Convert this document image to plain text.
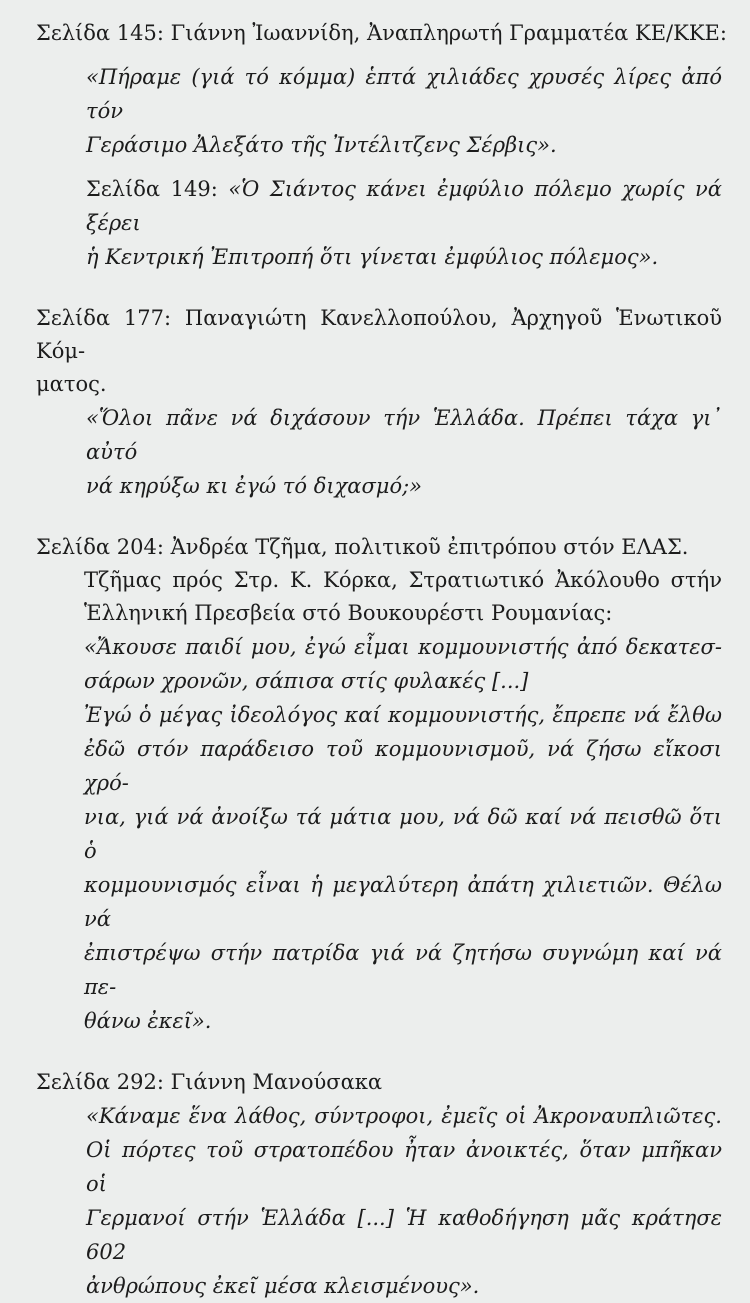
Σελίδα 145: Γιάννη Ἰωαννίδη, Ἀναπληρωτή Γραμματέα ΚΕ/ΚΚΕ:

«Πήραμε (γιά τό κόμμα) ἑπτά χιλιάδες χρυσές λίρες ἀπό τόν
Γεράσιμο Ἀλεξάτο τῆς Ἰντέλιτζενς Σέρβις».

Σελίδα 149: «Ὁ Σιάντος κάνει ἐμφύλιο πόλεμο χωρίς νά ξέρει
ἡ Κεντρική Ἐπιτροπή ὅτι γίνεται ἐμφύλιος πόλεμος».

Σελίδα 177: Παναγιώτη Κανελλοπούλου, Ἀρχηγοῦ Ἑνωτικοῦ Κόμ-
ματος.

«Ὅλοι πᾶνε νά διχάσουν τήν Ἑλλάδα. Πρέπει τάχα γι᾽ αὐτό
νά κηρύξω κι ἐγώ τό διχασμό;»

Σελίδα 204: Ἀνδρέα Τζῆμα, πολιτικοῦ ἐπιτρόπου στόν ΕΛΑΣ.

Τζῆμας πρός Στρ. Κ. Κόρκα, Στρατιωτικό Ἀκόλουθο στήν
Ἑλληνική Πρεσβεία στό Βουκουρέστι Ρουμανίας:

«Ἄκουσε παιδί μου, ἐγώ εἶμαι κομμουνιστής ἀπό δεκατεσ-
σάρων χρονῶν, σάπισα στίς φυλακές [...]
Ἐγώ ὁ μέγας ἰδεολόγος καί κομμουνιστής, ἔπρεπε νά ἔλθω
ἐδῶ στόν παράδεισο τοῦ κομμουνισμοῦ, νά ζήσω εἴκοσι χρό-
νια, γιά νά ἀνοίξω τά μάτια μου, νά δῶ καί νά πεισθῶ ὅτι ὁ
κομμουνισμός εἶναι ἡ μεγαλύτερη ἀπάτη χιλιετιῶν. Θέλω νά
ἐπιστρέψω στήν πατρίδα γιά νά ζητήσω συγνώμη καί νά πε-
θάνω ἐκεῖ».

Σελίδα 292: Γιάννη Μανούσακα

«Κάναμε ἕνα λάθος, σύντροφοι, ἐμεῖς οἱ Ἀκροναυπλιῶτες.
Οἱ πόρτες τοῦ στρατοπέδου ἦταν ἀνοικτές, ὅταν μπῆκαν οἱ
Γερμανοί στήν Ἑλλάδα [...] Ἡ καθοδήγηση μᾶς κράτησε 602
ἀνθρώπους ἐκεῖ μέσα κλεισμένους».
